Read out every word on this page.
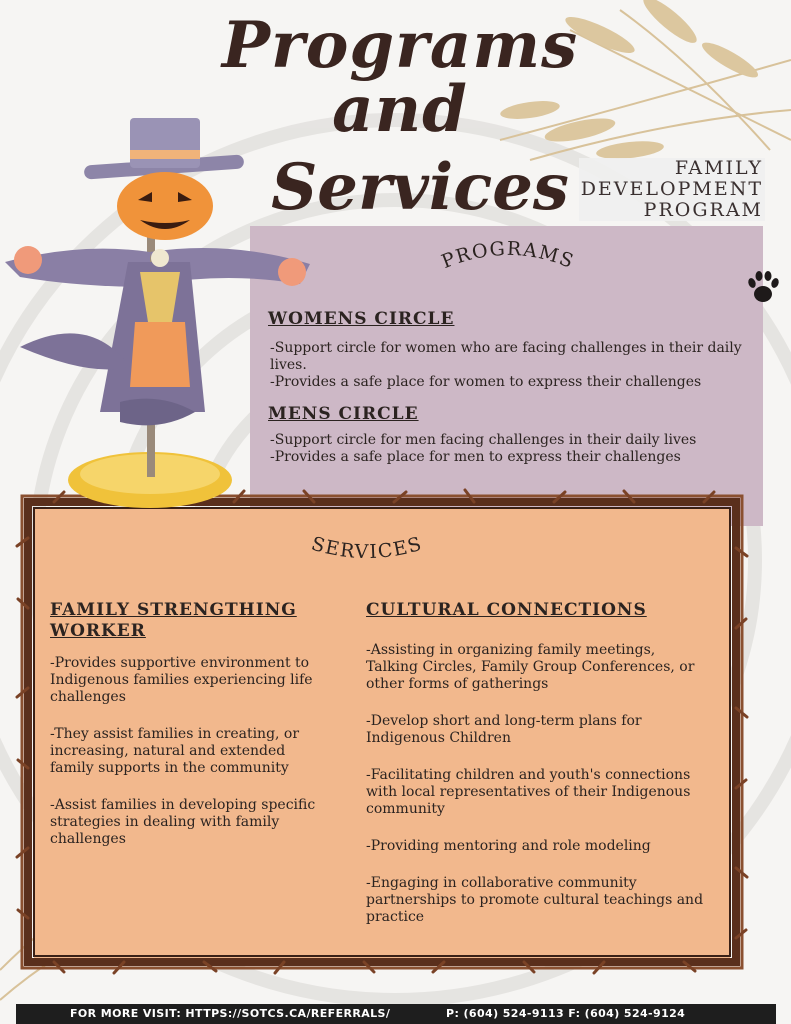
Programs and
Services	FAMILY
DEVELOPMENT
PROGRAM
PROGRAMS
WOMENS CIRCLE
-Support circle for women who are facing challenges in their daily lives.
-Provides a safe place for women to express their challenges
MENS CIRCLE
-Support circle for men facing challenges in their daily lives
-Provides a safe place for men to express their challenges
SERVICES
FAMILY STRENGTHING WORKER
CULTURAL CONNECTIONS

-Provides supportive environment to Indigenous families experiencing life challenges

-They assist families in creating, or increasing, natural and extended family supports in the community

-Assist families in developing specific strategies in dealing with family challenges

-Assisting in organizing family meetings, Talking Circles, Family Group Conferences, or other forms of gatherings

-Develop short and long-term plans for Indigenous Children

-Facilitating children and youth's connections with local representatives of their Indigenous community

-Providing mentoring and role modeling

-Engaging in collaborative community partnerships to promote cultural teachings and practice

FOR MORE VISIT: HTTPS://SOTCS.CA/REFERRALS/	P: (604) 524-9113 F: (604) 524-9124
